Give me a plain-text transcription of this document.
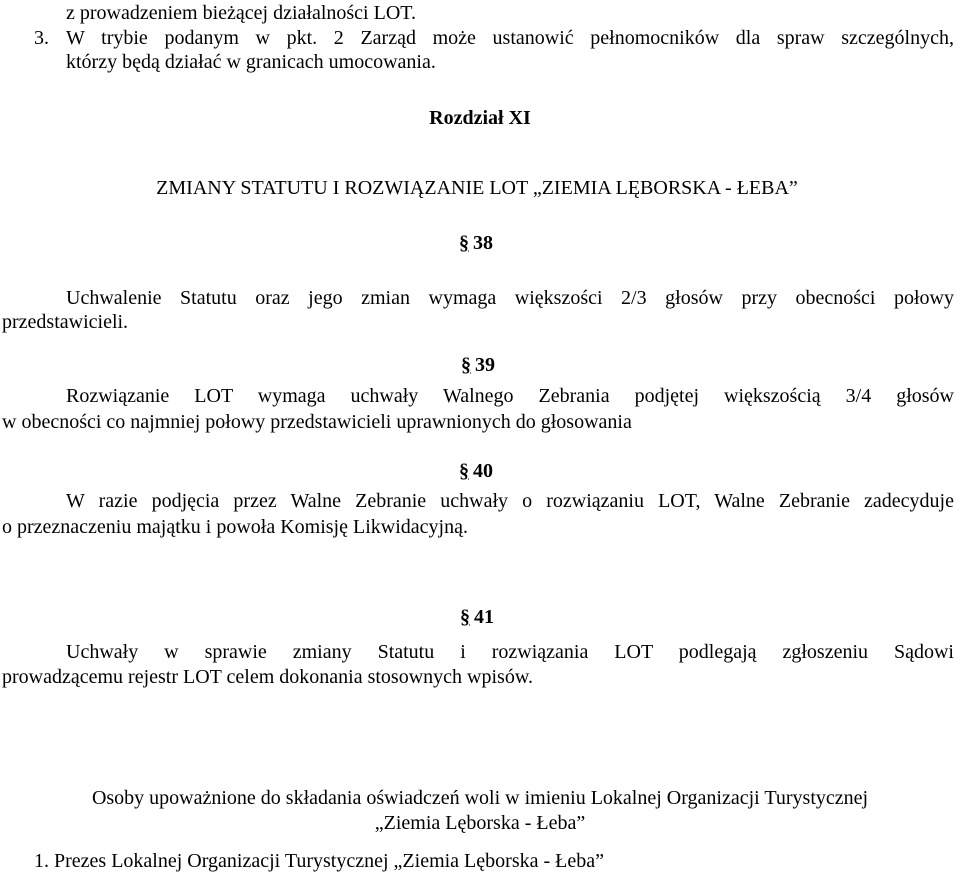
z prowadzeniem bieżącej działalności LOT.
3. W trybie podanym w pkt. 2 Zarząd może ustanowić pełnomocników dla spraw szczególnych,
którzy będą działać w granicach umocowania.
Rozdział XI
ZMIANY STATUTU I ROZWIĄZANIE LOT „ZIEMIA LĘBORSKA - ŁEBA”
§ 38
Uchwalenie Statutu oraz jego zmian wymaga większości 2/3 głosów przy obecności połowy
przedstawicieli.
§ 39
Rozwiązanie LOT wymaga uchwały Walnego Zebrania podjętej większością 3/4 głosów
w obecności co najmniej połowy przedstawicieli uprawnionych do głosowania
§ 40
W razie podjęcia przez Walne Zebranie uchwały o rozwiązaniu LOT, Walne Zebranie zadecyduje
o przeznaczeniu majątku i powoła Komisję Likwidacyjną.
§ 41
Uchwały w sprawie zmiany Statutu i rozwiązania LOT podlegają zgłoszeniu Sądowi
prowadzącemu rejestr LOT celem dokonania stosownych wpisów.
Osoby upoważnione do składania oświadczeń woli w imieniu Lokalnej Organizacji Turystycznej
„Ziemia Lęborska - Łeba”
1. Prezes Lokalnej Organizacji Turystycznej „Ziemia Lęborska - Łeba”
